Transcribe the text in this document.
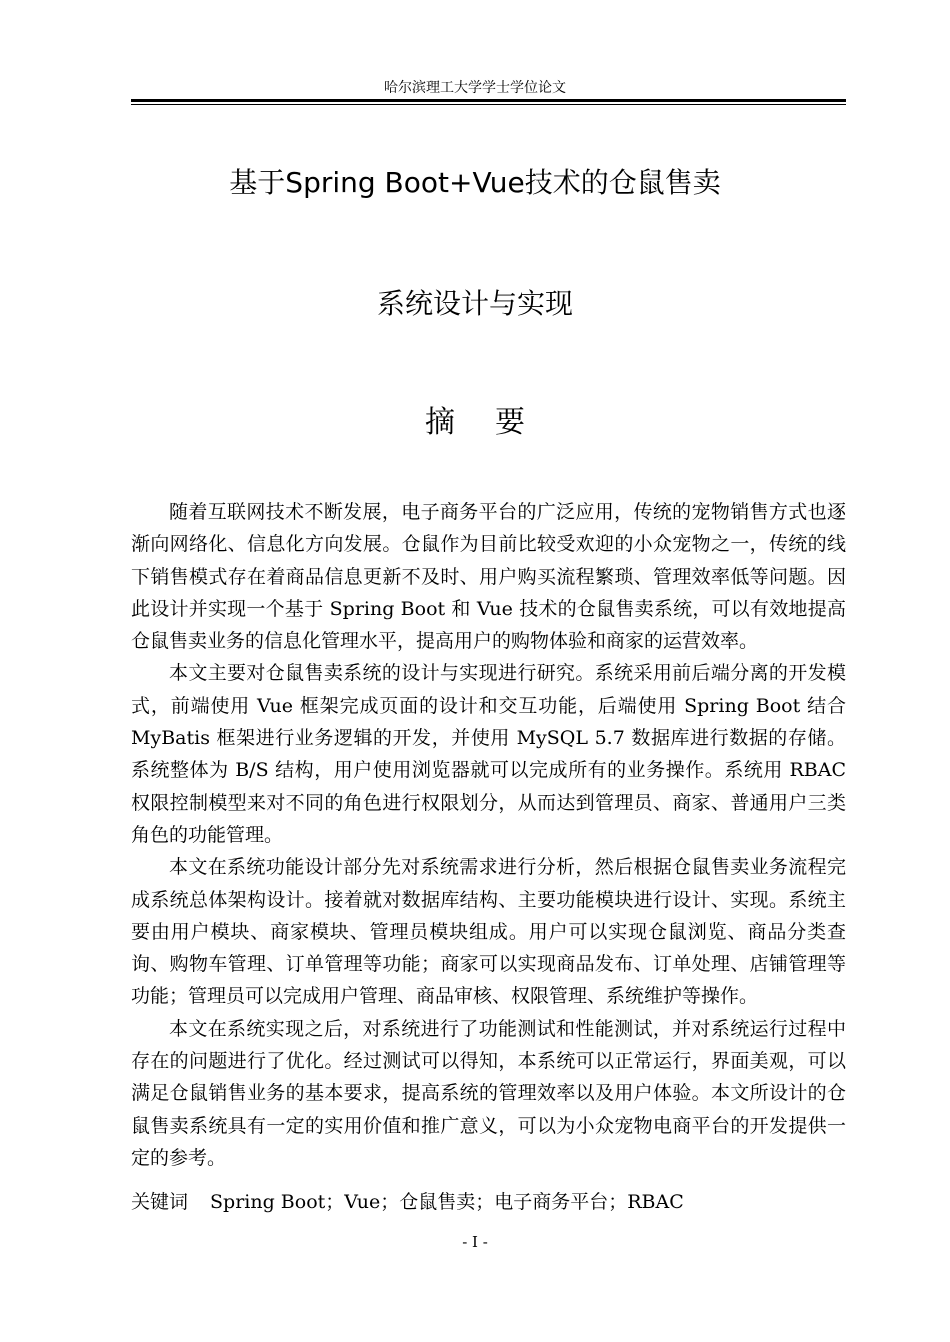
哈尔滨理工大学学士学位论文
基于Spring Boot+Vue技术的仓鼠售卖
系统设计与实现
摘要

随着互联网技术不断发展，电子商务平台的广泛应用，传统的宠物销售方式也逐渐向网络化、信息化方向发展。仓鼠作为目前比较受欢迎的小众宠物之一，传统的线下销售模式存在着商品信息更新不及时、用户购买流程繁琐、管理效率低等问题。因此设计并实现一个基于 Spring Boot 和 Vue 技术的仓鼠售卖系统，可以有效地提高仓鼠售卖业务的信息化管理水平，提高用户的购物体验和商家的运营效率。

本文主要对仓鼠售卖系统的设计与实现进行研究。系统采用前后端分离的开发模式，前端使用 Vue 框架完成页面的设计和交互功能，后端使用 Spring Boot 结合 MyBatis 框架进行业务逻辑的开发，并使用 MySQL 5.7 数据库进行数据的存储。系统整体为 B/S 结构，用户使用浏览器就可以完成所有的业务操作。系统用 RBAC 权限控制模型来对不同的角色进行权限划分，从而达到管理员、商家、普通用户三类角色的功能管理。

本文在系统功能设计部分先对系统需求进行分析，然后根据仓鼠售卖业务流程完成系统总体架构设计。接着就对数据库结构、主要功能模块进行设计、实现。系统主要由用户模块、商家模块、管理员模块组成。用户可以实现仓鼠浏览、商品分类查询、购物车管理、订单管理等功能；商家可以实现商品发布、订单处理、店铺管理等功能；管理员可以完成用户管理、商品审核、权限管理、系统维护等操作。

本文在系统实现之后，对系统进行了功能测试和性能测试，并对系统运行过程中存在的问题进行了优化。经过测试可以得知，本系统可以正常运行，界面美观，可以满足仓鼠销售业务的基本要求，提高系统的管理效率以及用户体验。本文所设计的仓鼠售卖系统具有一定的实用价值和推广意义，可以为小众宠物电商平台的开发提供一定的参考。

关键词 Spring Boot；Vue；仓鼠售卖；电子商务平台；RBAC
- I -
